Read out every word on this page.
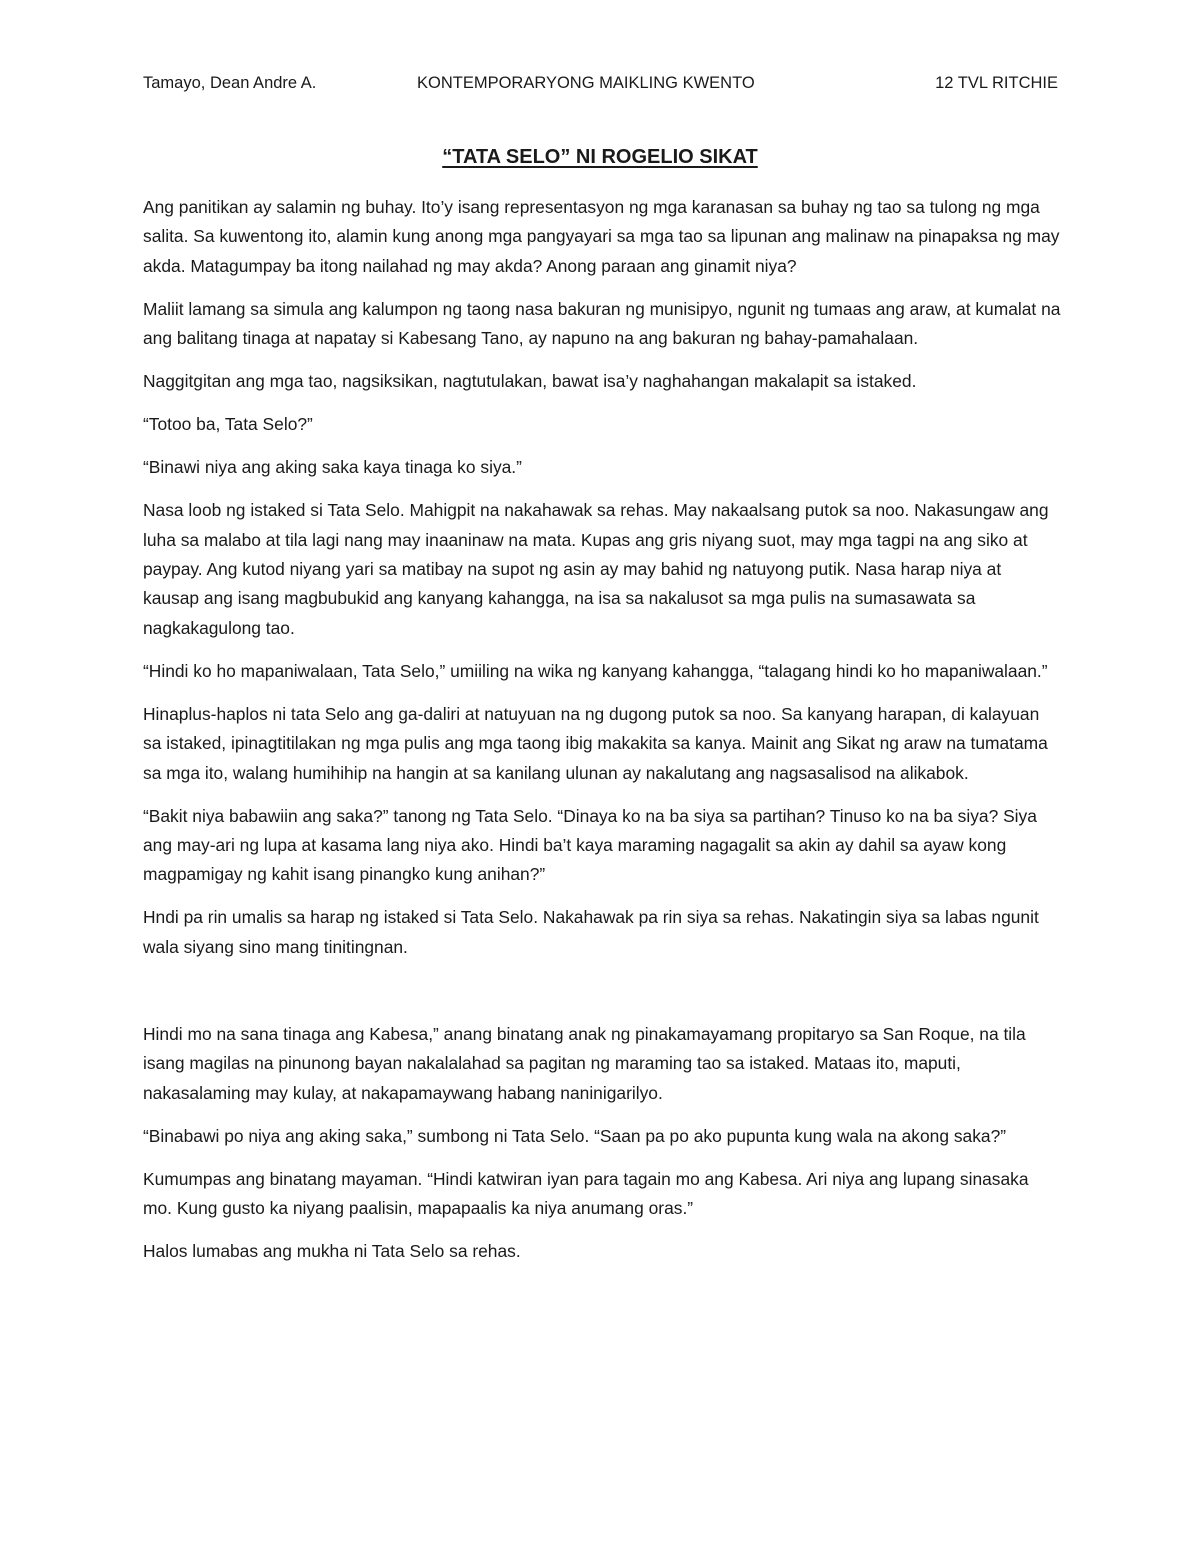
Tamayo, Dean Andre A.	KONTEMPORARYONG MAIKLING KWENTO	12 TVL RITCHIE
“TATA SELO” NI ROGELIO SIKAT

Ang panitikan ay salamin ng buhay. Ito’y isang representasyon ng mga karanasan sa buhay ng tao sa tulong ng mga salita. Sa kuwentong ito, alamin kung anong mga pangyayari sa mga tao sa lipunan ang malinaw na pinapaksa ng may akda. Matagumpay ba itong nailahad ng may akda? Anong paraan ang ginamit niya?

Maliit lamang sa simula ang kalumpon ng taong nasa bakuran ng munisipyo, ngunit ng tumaas ang araw, at kumalat na ang balitang tinaga at napatay si Kabesang Tano, ay napuno na ang bakuran ng bahay-pamahalaan.

Naggitgitan ang mga tao, nagsiksikan, nagtutulakan, bawat isa’y naghahangan makalapit sa istaked.

“Totoo ba, Tata Selo?”

“Binawi niya ang aking saka kaya tinaga ko siya.”

Nasa loob ng istaked si Tata Selo. Mahigpit na nakahawak sa rehas. May nakaalsang putok sa noo. Nakasungaw ang luha sa malabo at tila lagi nang may inaaninaw na mata. Kupas ang gris niyang suot, may mga tagpi na ang siko at paypay. Ang kutod niyang yari sa matibay na supot ng asin ay may bahid ng natuyong putik. Nasa harap niya at kausap ang isang magbubukid ang kanyang kahangga, na isa sa nakalusot sa mga pulis na sumasawata sa nagkakagulong tao.

“Hindi ko ho mapaniwalaan, Tata Selo,” umiiling na wika ng kanyang kahangga, “talagang hindi ko ho mapaniwalaan.”

Hinaplus-haplos ni tata Selo ang ga-daliri at natuyuan na ng dugong putok sa noo. Sa kanyang harapan, di kalayuan sa istaked, ipinagtitilakan ng mga pulis ang mga taong ibig makakita sa kanya. Mainit ang Sikat ng araw na tumatama sa mga ito, walang humihihip na hangin at sa kanilang ulunan ay nakalutang ang nagsasalisod na alikabok.

“Bakit niya babawiin ang saka?” tanong ng Tata Selo. “Dinaya ko na ba siya sa partihan? Tinuso ko na ba siya? Siya ang may-ari ng lupa at kasama lang niya ako. Hindi ba’t kaya maraming nagagalit sa akin ay dahil sa ayaw kong magpamigay ng kahit isang pinangko kung anihan?”

Hndi pa rin umalis sa harap ng istaked si Tata Selo. Nakahawak pa rin siya sa rehas. Nakatingin siya sa labas ngunit wala siyang sino mang tinitingnan.

Hindi mo na sana tinaga ang Kabesa,” anang binatang anak ng pinakamayamang propitaryo sa San Roque, na tila isang magilas na pinunong bayan nakalalahad sa pagitan ng maraming tao sa istaked. Mataas ito, maputi, nakasalaming may kulay, at nakapamaywang habang naninigarilyo.

“Binabawi po niya ang aking saka,” sumbong ni Tata Selo. “Saan pa po ako pupunta kung wala na akong saka?”

Kumumpas ang binatang mayaman. “Hindi katwiran iyan para tagain mo ang Kabesa. Ari niya ang lupang sinasaka mo. Kung gusto ka niyang paalisin, mapapaalis ka niya anumang oras.”

Halos lumabas ang mukha ni Tata Selo sa rehas.
